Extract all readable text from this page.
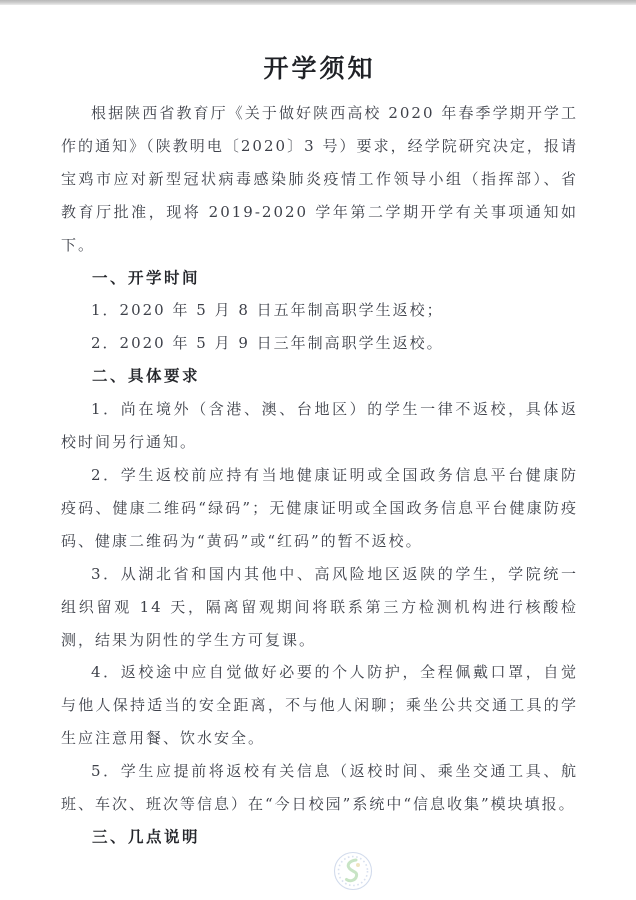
开学须知

根据陕西省教育厅《关于做好陕西高校 2020 年春季学期开学工作的通知》（陕教明电〔2020〕3 号）要求，经学院研究决定，报请宝鸡市应对新型冠状病毒感染肺炎疫情工作领导小组（指挥部）、省教育厅批准，现将 2019-2020 学年第二学期开学有关事项通知如下。

一、开学时间

1．2020 年 5 月 8 日五年制高职学生返校；

2．2020 年 5 月 9 日三年制高职学生返校。

二、具体要求

1．尚在境外（含港、澳、台地区）的学生一律不返校，具体返校时间另行通知。

2．学生返校前应持有当地健康证明或全国政务信息平台健康防疫码、健康二维码“绿码”；无健康证明或全国政务信息平台健康防疫码、健康二维码为“黄码”或“红码”的暂不返校。

3．从湖北省和国内其他中、高风险地区返陕的学生，学院统一组织留观 14 天，隔离留观期间将联系第三方检测机构进行核酸检测，结果为阴性的学生方可复课。

4．返校途中应自觉做好必要的个人防护，全程佩戴口罩，自觉与他人保持适当的安全距离，不与他人闲聊；乘坐公共交通工具的学生应注意用餐、饮水安全。

5．学生应提前将返校有关信息（返校时间、乘坐交通工具、航班、车次、班次等信息）在“今日校园”系统中“信息收集”模块填报。

三、几点说明
